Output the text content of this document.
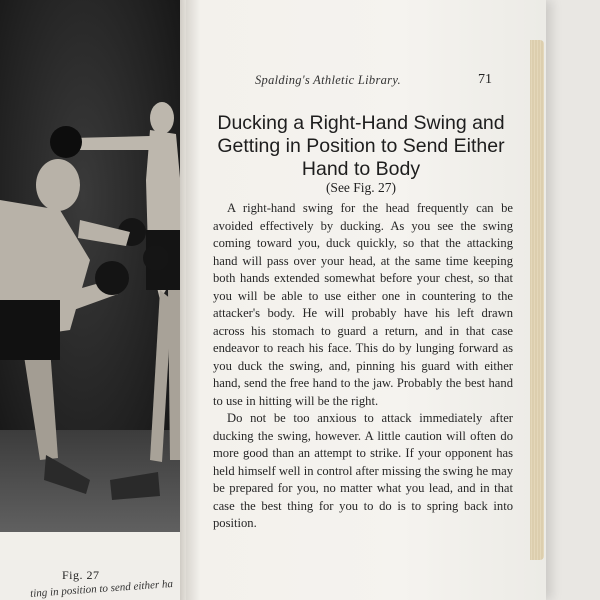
Fig. 27
ting in position to send either ha
Spalding's Athletic Library.	71
Ducking a Right-Hand Swing and Getting in Position to Send Either Hand to Body
(See Fig. 27)

A right-hand swing for the head frequently can be avoided effectively by ducking. As you see the swing coming toward you, duck quickly, so that the attacking hand will pass over your head, at the same time keeping both hands extended somewhat before your chest, so that you will be able to use either one in countering to the attacker's body. He will probably have his left drawn across his stomach to guard a return, and in that case endeavor to reach his face. This do by lunging forward as you duck the swing, and, pinning his guard with either hand, send the free hand to the jaw. Probably the best hand to use in hitting will be the right.

Do not be too anxious to attack immediately after ducking the swing, however. A little caution will often do more good than an attempt to strike. If your opponent has held himself well in control after missing the swing he may be prepared for you, no matter what you lead, and in that case the best thing for you to do is to spring back into position.
